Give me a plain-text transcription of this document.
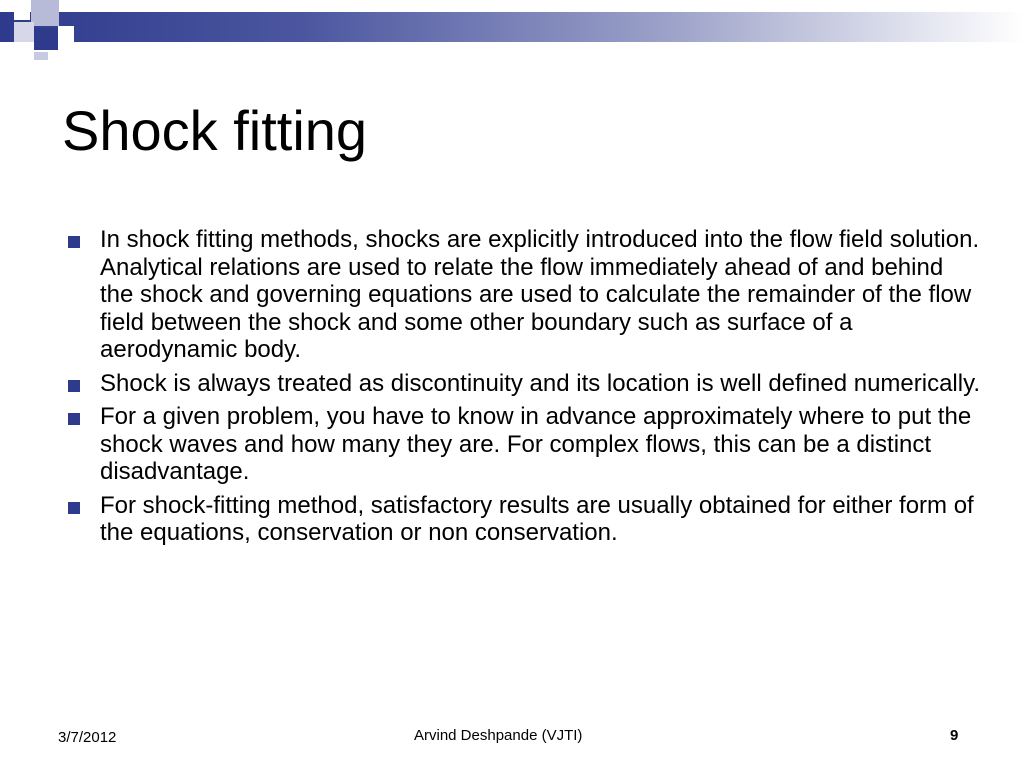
Shock fitting
In shock fitting methods, shocks are explicitly introduced into the flow field solution. Analytical relations are used to relate the flow immediately ahead of and behind the shock and governing equations are used to calculate the remainder of the flow field between the shock and some other boundary such as surface of a aerodynamic body.
Shock is always treated as discontinuity and its location is well defined numerically.
For a given problem, you have to know in advance approximately where to put the shock waves and how many they are. For complex flows, this can be a distinct disadvantage.
For shock-fitting method, satisfactory results are usually obtained for either form of the equations, conservation or non conservation.
3/7/2012	Arvind Deshpande (VJTI)	9
